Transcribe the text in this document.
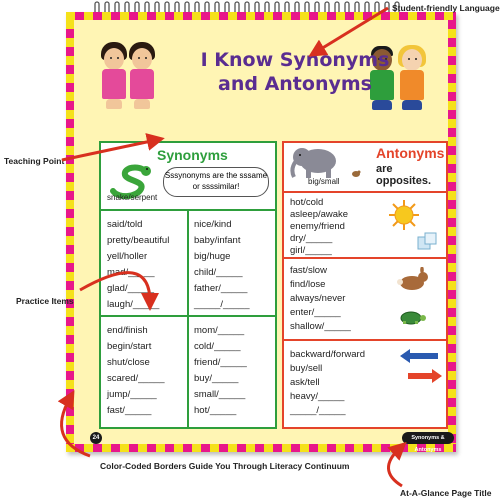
I Know Synonyms
and Antonyms
Synonyms
Sssynonyms are the sssame or ssssimilar!
snake/serpent
said/told
pretty/beautiful
yell/holler
mad/_____
glad/_____
laugh/_____
nice/kind
baby/infant
big/huge
child/_____
father/_____
_____/_____
end/finish
begin/start
shut/close
scared/_____
jump/_____
fast/_____
mom/_____
cold/_____
friend/_____
buy/_____
small/_____
hot/_____
Antonyms
are opposites.
big/small
hot/cold
asleep/awake
enemy/friend
dry/_____
girl/_____
fast/slow
find/lose
always/never
enter/_____
shallow/_____
backward/forward
buy/sell
ask/tell
heavy/_____
_____/_____
24	Synonyms & Antonyms
Student-friendly Language
Teaching Point
Practice Items
Color-Coded Borders Guide You Through Literacy Continuum
At-A-Glance Page Title
